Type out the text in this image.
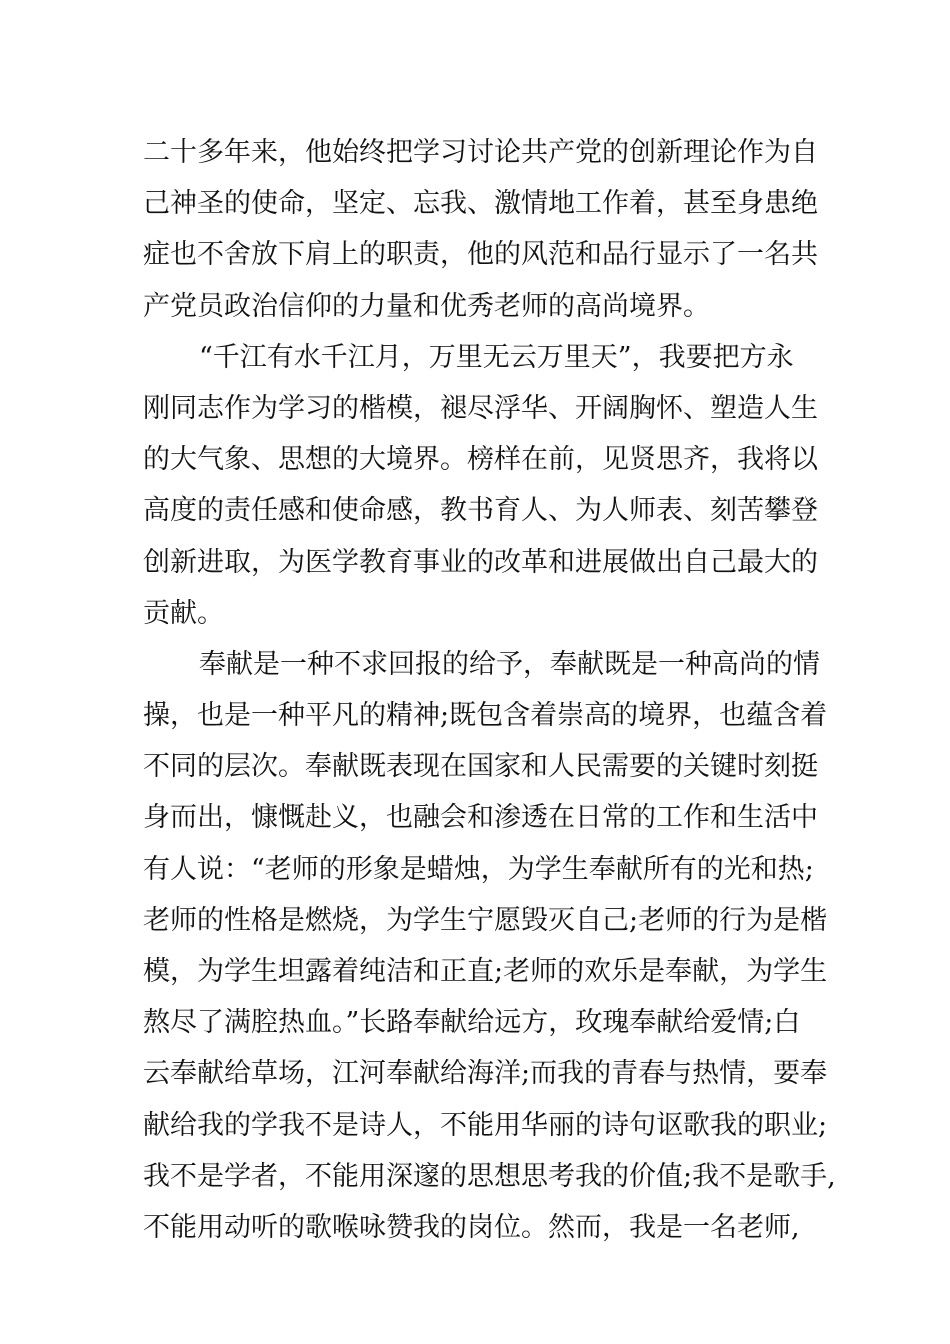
二十多年来，他始终把学习讨论共产党的创新理论作为自
己神圣的使命，坚定、忘我、激情地工作着，甚至身患绝
症也不舍放下肩上的职责，他的风范和品行显示了一名共
产党员政治信仰的力量和优秀老师的高尚境界。
“千江有水千江月，万里无云万里天”，我要把方永
刚同志作为学习的楷模，褪尽浮华、开阔胸怀、塑造人生
的大气象、思想的大境界。榜样在前，见贤思齐，我将以
高度的责任感和使命感，教书育人、为人师表、刻苦攀登
创新进取，为医学教育事业的改革和进展做出自己最大的
贡献。
奉献是一种不求回报的给予，奉献既是一种高尚的情
操，也是一种平凡的精神;既包含着崇高的境界，也蕴含着
不同的层次。奉献既表现在国家和人民需要的关键时刻挺
身而出，慷慨赴义，也融会和渗透在日常的工作和生活中
有人说：“老师的形象是蜡烛，为学生奉献所有的光和热;
老师的性格是燃烧，为学生宁愿毁灭自己;老师的行为是楷
模，为学生坦露着纯洁和正直;老师的欢乐是奉献，为学生
熬尽了满腔热血。”长路奉献给远方，玫瑰奉献给爱情;白
云奉献给草场，江河奉献给海洋;而我的青春与热情，要奉
献给我的学我不是诗人，不能用华丽的诗句讴歌我的职业;
我不是学者，不能用深邃的思想思考我的价值;我不是歌手,
不能用动听的歌喉咏赞我的岗位。然而，我是一名老师,
